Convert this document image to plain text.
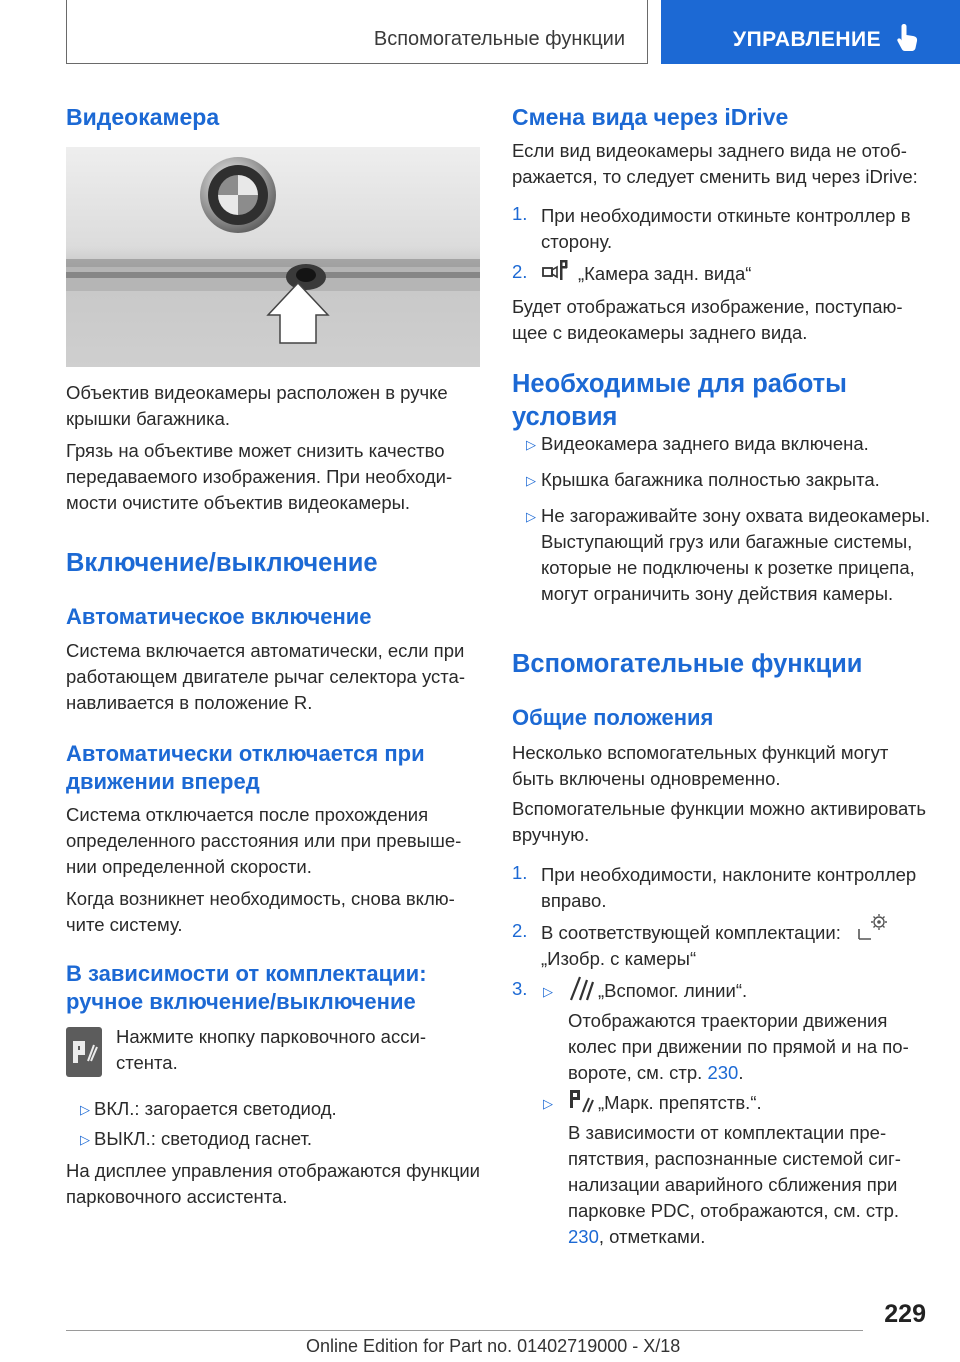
Вспомогательные функции	УПРАВЛЕНИЕ
Видеокамера

Объектив видеокамеры расположен в ручке крышки багажника.

Грязь на объективе может снизить качество передаваемого изображения. При необходимости очистите объектив видеокамеры.

Включение/выключение
Автоматическое включение

Система включается автоматически, если при работающем двигателе рычаг селектора устанавливается в положение R.

Автоматически отключается при движении вперед

Система отключается после прохождения определенного расстояния или при превышении определенной скорости.

Когда возникнет необходимость, снова включите систему.

В зависимости от комплектации: ручное включение/выключение

Нажмите кнопку парковочного ассистента.

▷ ВКЛ.: загорается светодиод.

▷ ВЫКЛ.: светодиод гаснет.

На дисплее управления отображаются функции парковочного ассистента.

Смена вида через iDrive

Если вид видеокамеры заднего вида не отображается, то следует сменить вид через iDrive:

1. При необходимости откиньте контроллер в сторону.

2.	„Камера задн. вида“

Будет отображаться изображение, поступающее с видеокамеры заднего вида.

Необходимые для работы условия
▷ Видеокамера заднего вида включена.

▷ Крышка багажника полностью закрыта.

▷ Не загораживайте зону охвата видеокамеры. Выступающий груз или багажные системы, которые не подключены к розетке прицепа, могут ограничить зону действия камеры.

Вспомогательные функции
Общие положения

Несколько вспомогательных функций могут быть включены одновременно.

Вспомогательные функции можно активировать вручную.

1. При необходимости, наклоните контроллер вправо.

2. В соответствующей комплектации:

„Изобр. с камеры“

3. ▷ „Вспомог. линии“.

Отображаются траектории движения колес при движении по прямой и на повороте, см. стр. 230.

▷ „Марк. препятств.“.

В зависимости от комплектации препятствия, распознанные системой сигнализации аварийного сближения при парковке PDC, отображаются, см. стр. 230, отметками.

229
Online Edition for Part no. 01402719000 - X/18
